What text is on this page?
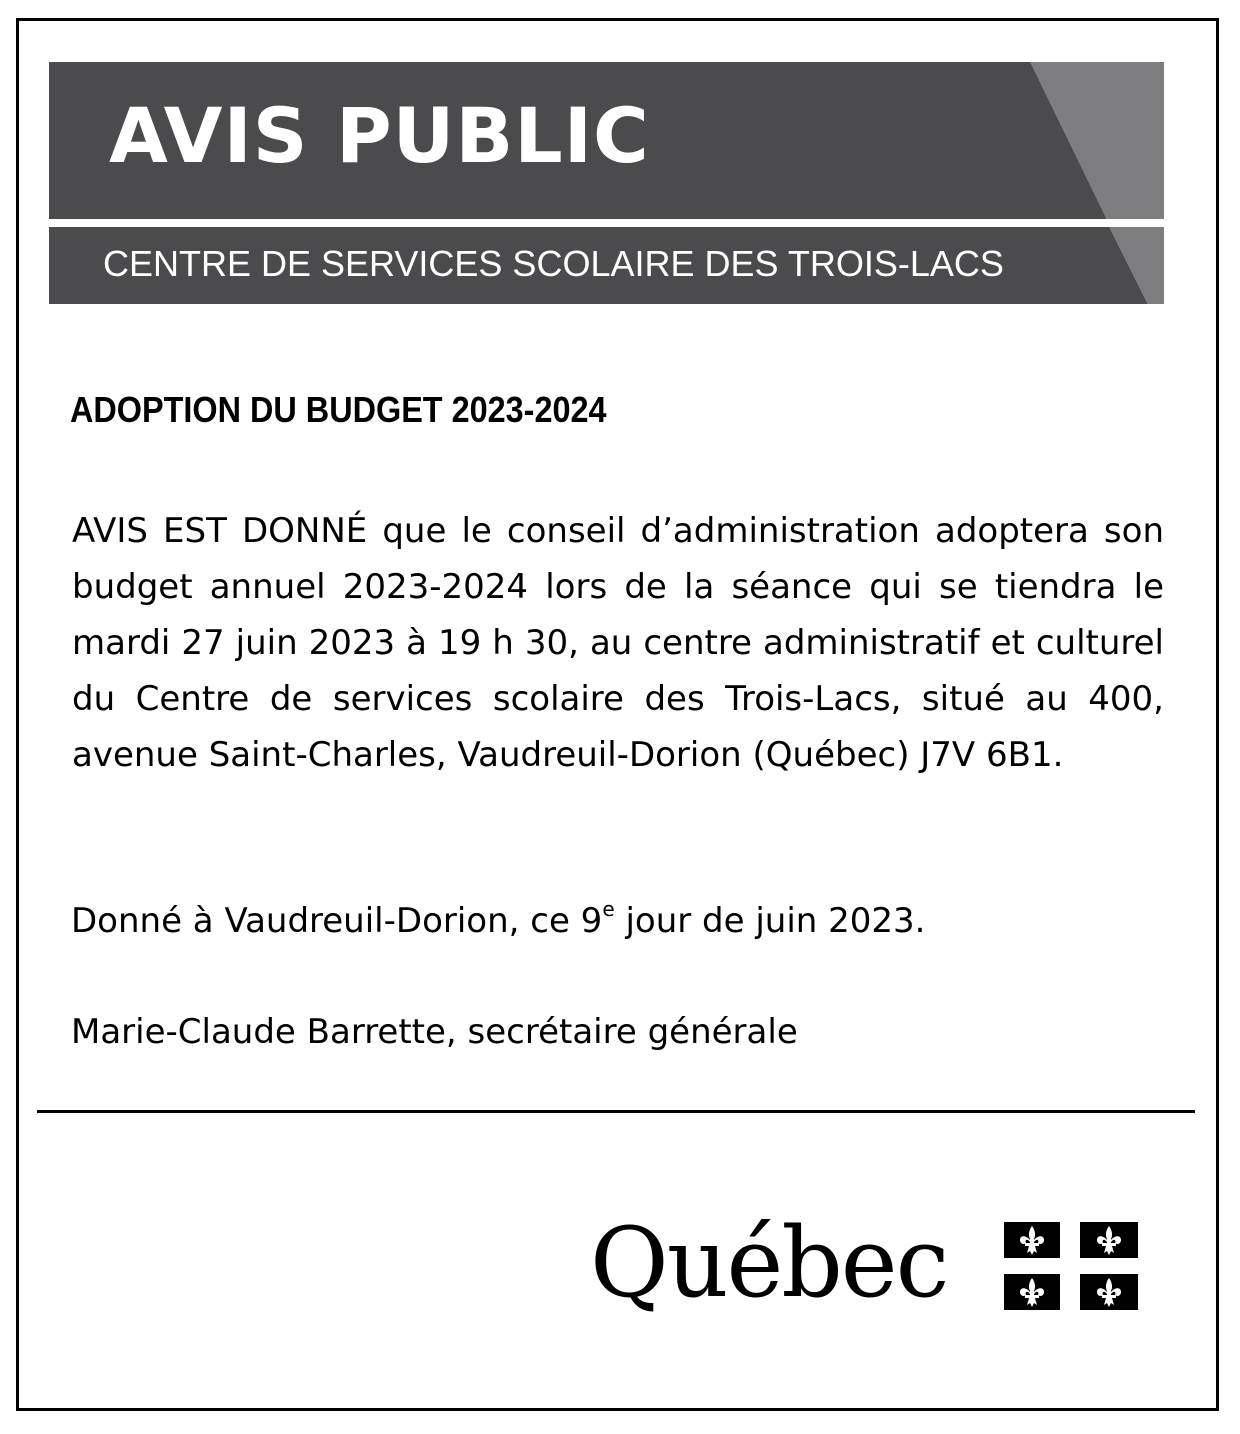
AVIS PUBLIC
CENTRE DE SERVICES SCOLAIRE DES TROIS-LACS
ADOPTION DU BUDGET 2023-2024

AVIS EST DONNÉ que le conseil d’administration adoptera son budget annuel 2023-2024 lors de la séance qui se tiendra le mardi 27 juin 2023 à 19 h 30, au centre administratif et culturel du Centre de services scolaire des Trois-Lacs, situé au 400, avenue Saint-Charles, Vaudreuil-Dorion (Québec) J7V 6B1.

Donné à Vaudreuil-Dorion, ce 9e jour de juin 2023.
Marie-Claude Barrette, secrétaire générale
Québec
